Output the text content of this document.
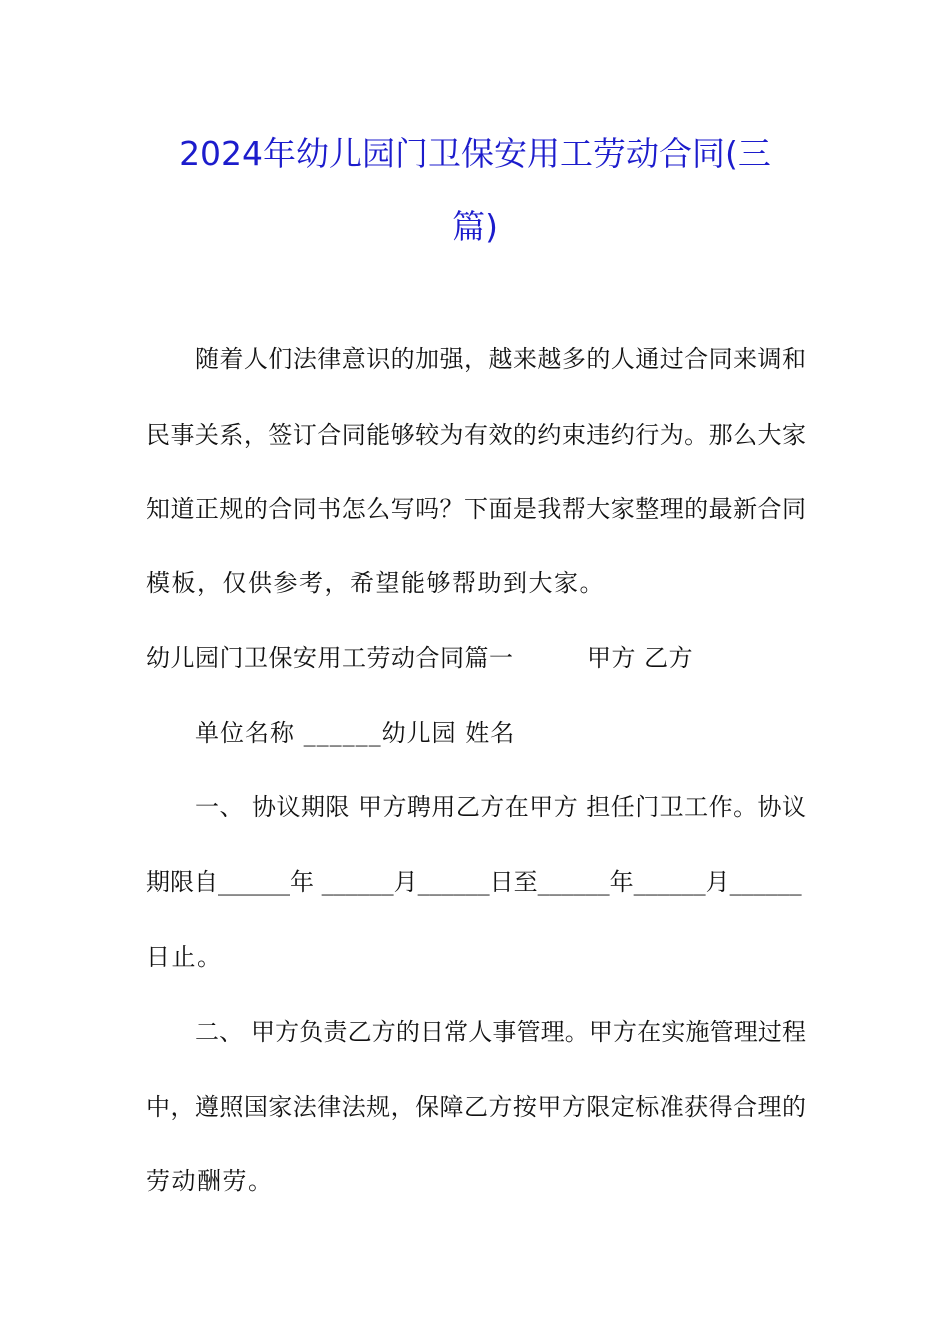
2024年幼儿园门卫保安用工劳动合同(三
篇)
随着人们法律意识的加强，越来越多的人通过合同来调和
民事关系，签订合同能够较为有效的约束违约行为。那么大家
知道正规的合同书怎么写吗？下面是我帮大家整理的最新合同
模板，仅供参考，希望能够帮助到大家。
幼儿园门卫保安用工劳动合同篇一　　　甲方 乙方
单位名称 ______幼儿园 姓名
一、 协议期限 甲方聘用乙方在甲方 担任门卫工作。协议
期限自______年 ______月______日至______年______月______
日止。
二、 甲方负责乙方的日常人事管理。甲方在实施管理过程
中，遵照国家法律法规，保障乙方按甲方限定标准获得合理的
劳动酬劳。
